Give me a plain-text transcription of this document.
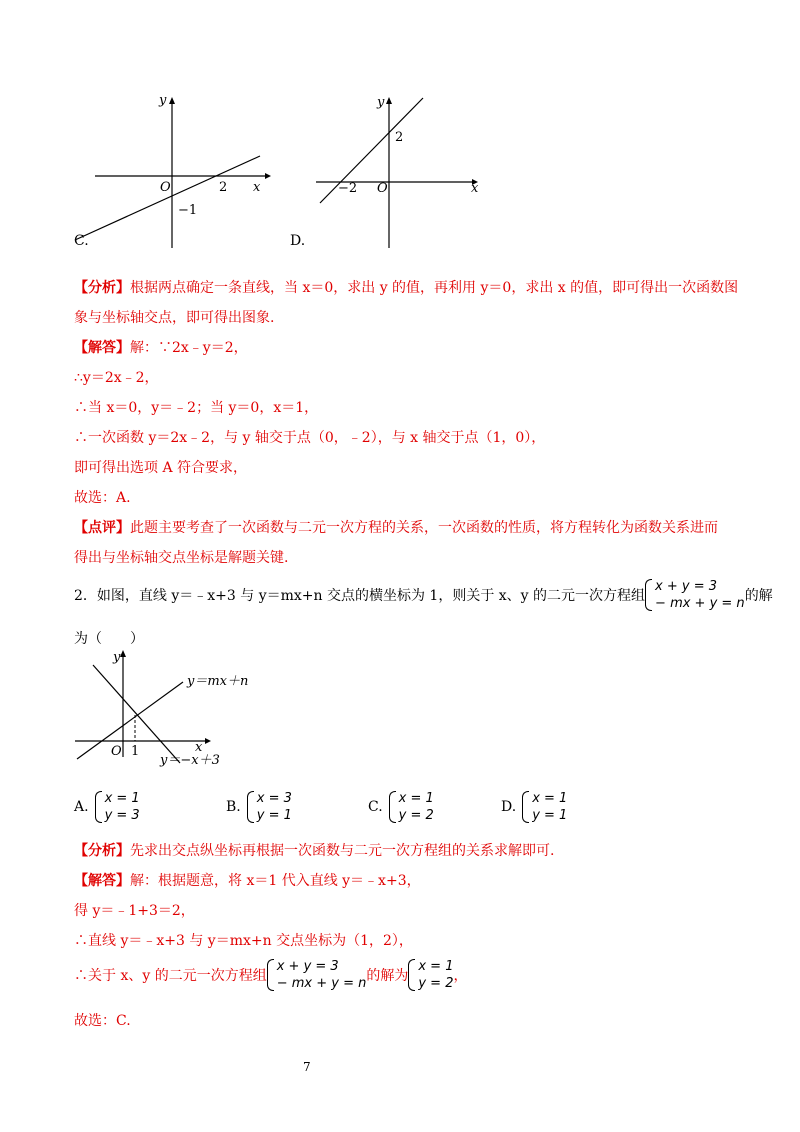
y
x
O	2
−1
C.
y
x
O
−2
2
D.
【分析】根据两点确定一条直线，当 x＝0，求出 y 的值，再利用 y＝0，求出 x 的值，即可得出一次函数图
象与坐标轴交点，即可得出图象.
【解答】解：∵2x﹣y＝2，
∴y＝2x﹣2，
∴当 x＝0，y＝﹣2；当 y＝0，x＝1，
∴一次函数 y＝2x﹣2，与 y 轴交于点（0，﹣2），与 x 轴交于点（1，0），
即可得出选项 A 符合要求，
故选：A.
【点评】此题主要考查了一次函数与二元一次方程的关系，一次函数的性质，将方程转化为函数关系进而
得出与坐标轴交点坐标是解题关键.
2．如图，直线 y＝﹣x+3 与 y＝mx+n 交点的横坐标为 1，则关于 x、y 的二元一次方程组
x + y = 3
− mx + y = n 的解
为（　　）
y
x
O 1
y＝mx＋n
y＝−x＋3
A.
x = 1
y = 3
B.
x = 3
y = 1
C.
x = 1
y = 2
D.
x = 1
y = 1
【分析】先求出交点纵坐标再根据一次函数与二元一次方程组的关系求解即可.
【解答】解：根据题意，将 x＝1 代入直线 y＝﹣x+3，
得 y＝﹣1+3＝2，
∴直线 y＝﹣x+3 与 y＝mx+n 交点坐标为（1，2），
∴关于 x、y 的二元一次方程组
x + y = 3
− mx + y = n 的解为
x = 1
y = 2 ，
故选：C.
7
